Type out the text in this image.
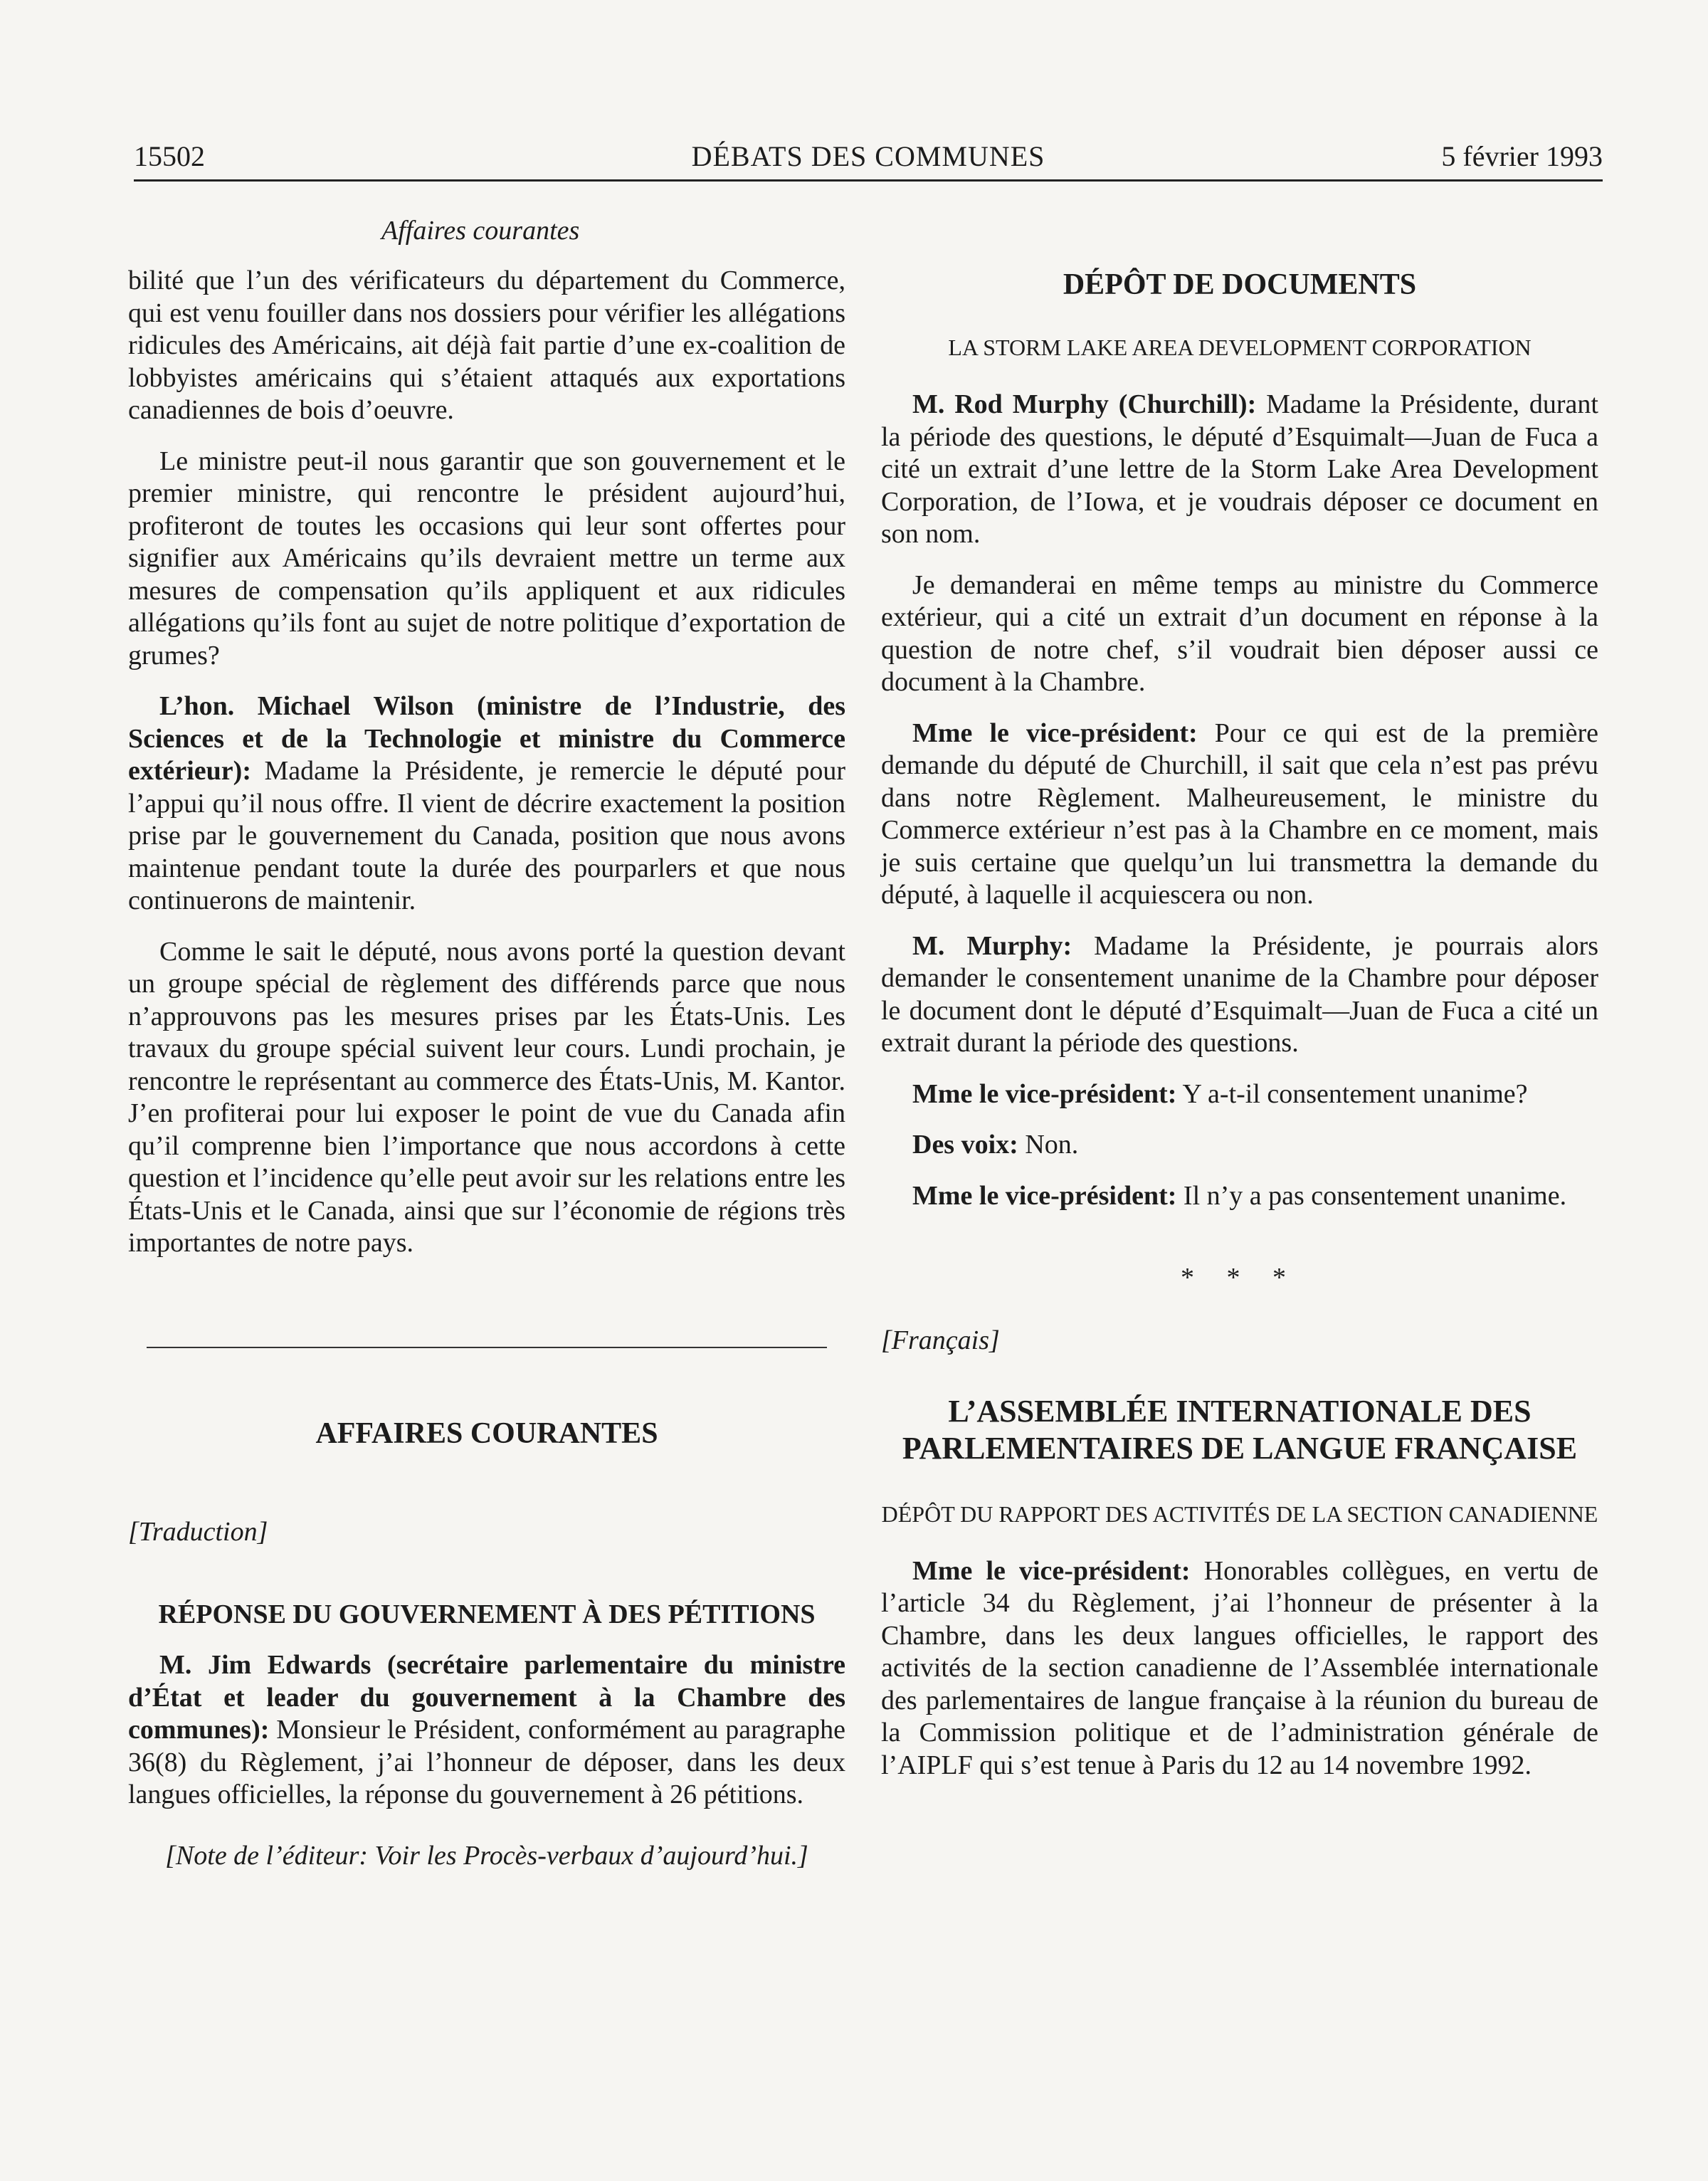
15502	DÉBATS DES COMMUNES	5 février 1993
Affaires courantes

bilité que l’un des vérificateurs du département du Commerce, qui est venu fouiller dans nos dossiers pour vérifier les allégations ridicules des Américains, ait déjà fait partie d’une ex-coalition de lobbyistes américains qui s’étaient attaqués aux exportations canadiennes de bois d’oeuvre.

Le ministre peut-il nous garantir que son gouvernement et le premier ministre, qui rencontre le président aujourd’hui, profiteront de toutes les occasions qui leur sont offertes pour signifier aux Américains qu’ils devraient mettre un terme aux mesures de compensation qu’ils appliquent et aux ridicules allégations qu’ils font au sujet de notre politique d’exportation de grumes?

L’hon. Michael Wilson (ministre de l’Industrie, des Sciences et de la Technologie et ministre du Commerce extérieur): Madame la Présidente, je remercie le député pour l’appui qu’il nous offre. Il vient de décrire exactement la position prise par le gouvernement du Canada, position que nous avons maintenue pendant toute la durée des pourparlers et que nous continuerons de maintenir.

Comme le sait le député, nous avons porté la question devant un groupe spécial de règlement des différends parce que nous n’approuvons pas les mesures prises par les États-Unis. Les travaux du groupe spécial suivent leur cours. Lundi prochain, je rencontre le représentant au commerce des États-Unis, M. Kantor. J’en profiterai pour lui exposer le point de vue du Canada afin qu’il comprenne bien l’importance que nous accordons à cette question et l’incidence qu’elle peut avoir sur les relations entre les États-Unis et le Canada, ainsi que sur l’économie de régions très importantes de notre pays.

AFFAIRES COURANTES

[Traduction]

RÉPONSE DU GOUVERNEMENT À DES PÉTITIONS

M. Jim Edwards (secrétaire parlementaire du ministre d’État et leader du gouvernement à la Chambre des communes): Monsieur le Président, conformément au paragraphe 36(8) du Règlement, j’ai l’honneur de déposer, dans les deux langues officielles, la réponse du gouvernement à 26 pétitions.

[Note de l’éditeur: Voir les Procès-verbaux d’aujourd’hui.]
DÉPÔT DE DOCUMENTS
LA STORM LAKE AREA DEVELOPMENT CORPORATION

M. Rod Murphy (Churchill): Madame la Présidente, durant la période des questions, le député d’Esquimalt—Juan de Fuca a cité un extrait d’une lettre de la Storm Lake Area Development Corporation, de l’Iowa, et je voudrais déposer ce document en son nom.

Je demanderai en même temps au ministre du Commerce extérieur, qui a cité un extrait d’un document en réponse à la question de notre chef, s’il voudrait bien déposer aussi ce document à la Chambre.

Mme le vice-président: Pour ce qui est de la première demande du député de Churchill, il sait que cela n’est pas prévu dans notre Règlement. Malheureusement, le ministre du Commerce extérieur n’est pas à la Chambre en ce moment, mais je suis certaine que quelqu’un lui transmettra la demande du député, à laquelle il acquiescera ou non.

M. Murphy: Madame la Présidente, je pourrais alors demander le consentement unanime de la Chambre pour déposer le document dont le député d’Esquimalt—Juan de Fuca a cité un extrait durant la période des questions.

Mme le vice-président: Y a-t-il consentement unanime?

Des voix: Non.

Mme le vice-président: Il n’y a pas consentement unanime.

* * *

[Français]

L’ASSEMBLÉE INTERNATIONALE DES PARLEMENTAIRES DE LANGUE FRANÇAISE
DÉPÔT DU RAPPORT DES ACTIVITÉS DE LA SECTION CANADIENNE

Mme le vice-président: Honorables collègues, en vertu de l’article 34 du Règlement, j’ai l’honneur de présenter à la Chambre, dans les deux langues officielles, le rapport des activités de la section canadienne de l’Assemblée internationale des parlementaires de langue française à la réunion du bureau de la Commission politique et de l’administration générale de l’AIPLF qui s’est tenue à Paris du 12 au 14 novembre 1992.
